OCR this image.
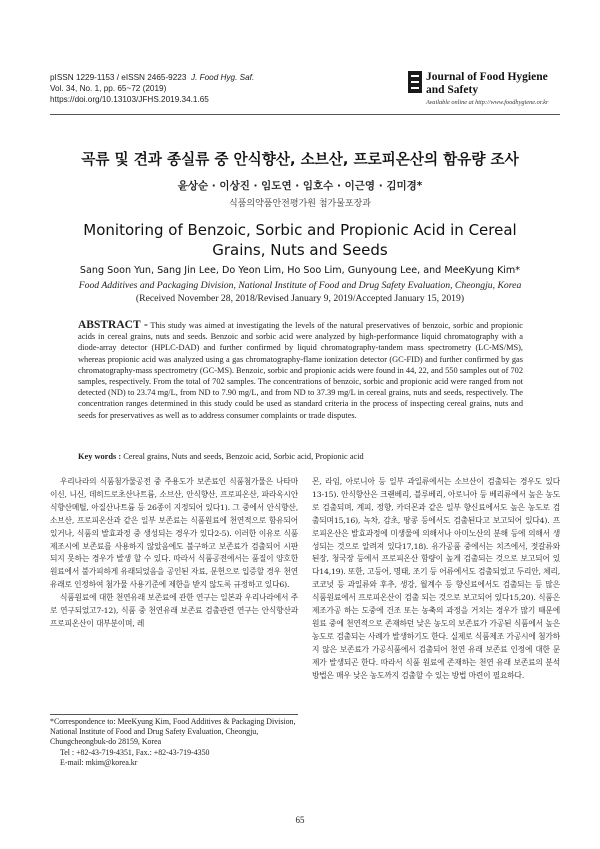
pISSN 1229-1153 / eISSN 2465-9223 J. Food Hyg. Saf.
Vol. 34, No. 1, pp. 65~72 (2019)
https://doi.org/10.13103/JFHS.2019.34.1.65
Journal of Food Hygiene
and Safety
Available online at http://www.foodhygiene.or.kr
곡류 및 견과 종실류 중 안식향산, 소브산, 프로피온산의 함유량 조사
윤상순 · 이상진 · 임도연 · 임호수 · 이근영 · 김미경*
식품의약품안전평가원 첨가물포장과
Monitoring of Benzoic, Sorbic and Propionic Acid in Cereal Grains, Nuts and Seeds
Sang Soon Yun, Sang Jin Lee, Do Yeon Lim, Ho Soo Lim, Gunyoung Lee, and MeeKyung Kim*
Food Additives and Packaging Division, National Institute of Food and Drug Safety Evaluation, Cheongju, Korea
(Received November 28, 2018/Revised January 9, 2019/Accepted January 15, 2019)
ABSTRACT - This study was aimed at investigating the levels of the natural preservatives of benzoic, sorbic and propionic acids in cereal grains, nuts and seeds. Benzoic and sorbic acid were analyzed by high-performance liquid chromatography with a diode-array detector (HPLC-DAD) and further confirmed by liquid chromatography-tandem mass spectrometry (LC-MS/MS), whereas propionic acid was analyzed using a gas chromatography-flame ionization detector (GC-FID) and further confirmed by gas chromatography-mass spectrometry (GC-MS). Benzoic, sorbic and propionic acids were found in 44, 22, and 550 samples out of 702 samples, respectively. From the total of 702 samples. The concentrations of benzoic, sorbic and propionic acid were ranged from not detected (ND) to 23.74 mg/L, from ND to 7.90 mg/L, and from ND to 37.39 mg/L in cereal grains, nuts and seeds, respectively. The concentration ranges determined in this study could be used as standard criteria in the process of inspecting cereal grains, nuts and seeds for preservatives as well as to address consumer complaints or trade disputes.
Key words : Cereal grains, Nuts and seeds, Benzoic acid, Sorbic acid, Propionic acid

우리나라의 식품첨가물공전 중 주용도가 보존료인 식품첨가물은 나타마이신, 니신, 데히드로초산나트륨, 소브산, 안식향산, 프로피온산, 파라옥시안식향산메틸, 아질산나트륨 등 26종이 지정되어 있다1). 그 중에서 안식향산, 소브산, 프로피온산과 같은 일부 보존료는 식품원료에 천연적으로 함유되어있거나, 식품의 발효과정 중 생성되는 경우가 있다2-5). 이러한 이유로 식품 제조시에 보존료를 사용하지 않았음에도 불구하고 보존료가 검출되어 시판되지 못하는 경우가 발생 할 수 있다. 따라서 식품공전에서는 품질이 양호한 원료에서 불가피하게 유래되었음을 공인된 자료, 문헌으로 입증할 경우 천연유래로 인정하여 첨가물 사용기준에 제한을 받지 않도록 규정하고 있다6).

식품원료에 대한 천연유래 보존료에 관한 연구는 일본과 우리나라에서 주로 연구되었고7-12), 식품 중 천연유래 보존료 검출관련 연구는 안식향산과 프로피온산이 대부분이며, 레

몬, 라임, 아로니아 등 일부 과일류에서는 소브산이 검출되는 경우도 있다13-15). 안식향산은 크랜베리, 블루베리, 아로니아 등 베리류에서 높은 농도로 검출되며, 계피, 정향, 카더몬과 같은 일부 향신료에서도 높은 농도로 검출되며15,16), 녹차, 감초, 땅콩 등에서도 검출된다고 보고되어 있다4). 프로피온산은 발효과정에 미생물에 의해서나 아미노산의 분해 등에 의해서 생성되는 것으로 알려져 있다17,18). 유가공품 중에서는 치즈에서, 젓갈류와 된장, 청국장 등에서 프로피온산 함량이 높게 검출되는 것으로 보고되어 있다14,19). 또한, 고등어, 명태, 조기 등 어류에서도 검출되었고 두리안, 체리, 코코넛 등 과일류와 후추, 생강, 월계수 등 향신료에서도 검출되는 등 많은 식품원료에서 프로피온산이 검출 되는 것으로 보고되어 있다15,20). 식품은 제조가공 하는 도중에 건조 또는 농축의 과정을 거치는 경우가 많기 때문에 원료 중에 천연적으로 존재하던 낮은 농도의 보존료가 가공된 식품에서 높은 농도로 검출되는 사례가 발생하기도 한다. 실제로 식품제조 가공시에 첨가하지 않은 보존료가 가공식품에서 검출되어 천연 유래 보존료 인정에 대한 문제가 발생되곤 한다. 따라서 식품 원료에 존재하는 천연 유래 보존료의 분석방법은 매우 낮은 농도까지 검출할 수 있는 방법 마련이 필요하다.

*Correspondence to: MeeKyung Kim, Food Additives & Packaging Division, National Institute of Food and Drug Safety Evaluation, Cheongju, Chungcheongbuk-do 28159, Korea
Tel : +82-43-719-4351, Fax.: +82-43-719-4350
E-mail: mkim@korea.kr
65
